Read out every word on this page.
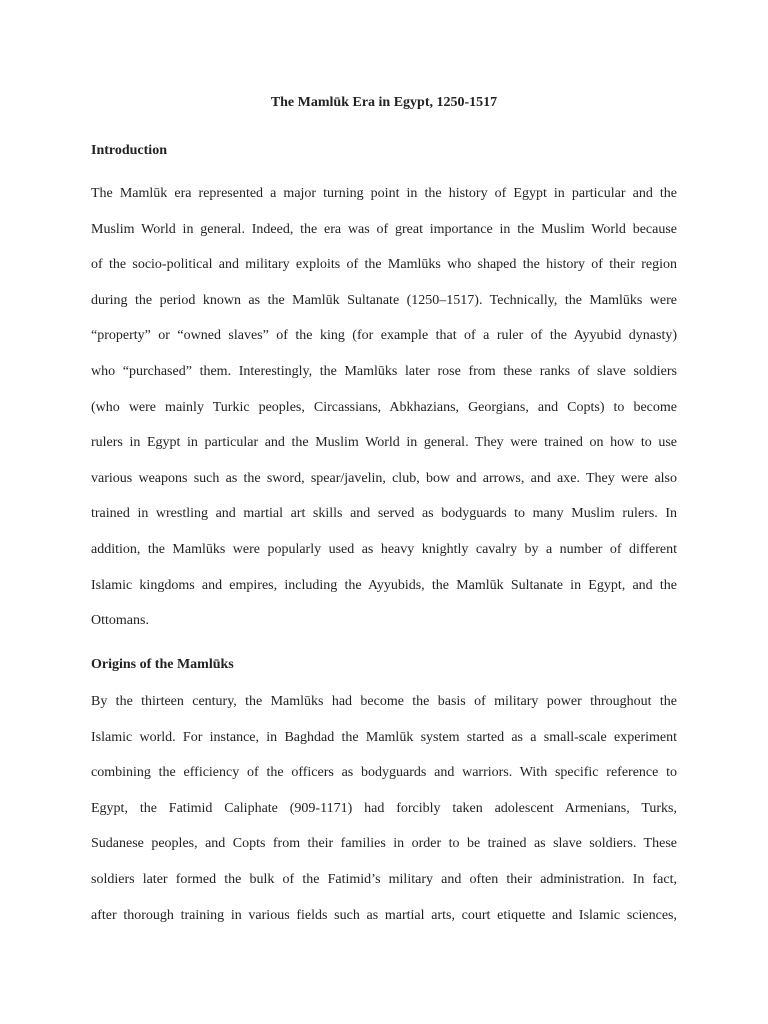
The Mamlūk Era in Egypt, 1250-1517
Introduction
The Mamlūk era represented a major turning point in the history of Egypt in particular and the
Muslim World in general. Indeed, the era was of great importance in the Muslim World because
of the socio-political and military exploits of the Mamlūks who shaped the history of their region
during the period known as the Mamlūk Sultanate (1250–1517). Technically, the Mamlūks were
“property” or “owned slaves” of the king (for example that of a ruler of the Ayyubid dynasty)
who “purchased” them. Interestingly, the Mamlūks later rose from these ranks of slave soldiers
(who were mainly Turkic peoples, Circassians, Abkhazians, Georgians, and Copts) to become
rulers in Egypt in particular and the Muslim World in general. They were trained on how to use
various weapons such as the sword, spear/javelin, club, bow and arrows, and axe. They were also
trained in wrestling and martial art skills and served as bodyguards to many Muslim rulers. In
addition, the Mamlūks were popularly used as heavy knightly cavalry by a number of different
Islamic kingdoms and empires, including the Ayyubids, the Mamlūk Sultanate in Egypt, and the
Ottomans.
Origins of the Mamlūks
By the thirteen century, the Mamlūks had become the basis of military power throughout the
Islamic world. For instance, in Baghdad the Mamlūk system started as a small-scale experiment
combining the efficiency of the officers as bodyguards and warriors. With specific reference to
Egypt, the Fatimid Caliphate (909-1171) had forcibly taken adolescent Armenians, Turks,
Sudanese peoples, and Copts from their families in order to be trained as slave soldiers. These
soldiers later formed the bulk of the Fatimid’s military and often their administration. In fact,
after thorough training in various fields such as martial arts, court etiquette and Islamic sciences,
